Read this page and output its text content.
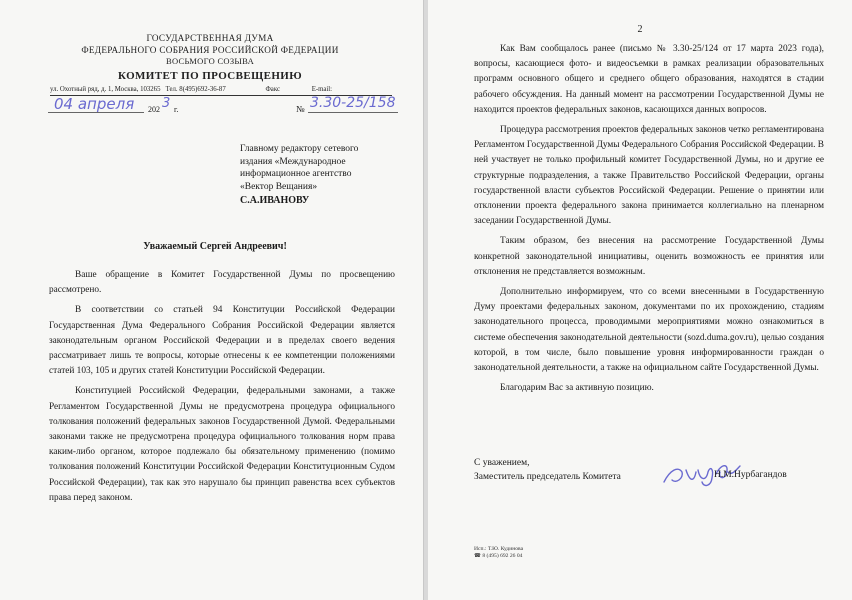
ГОСУДАРСТВЕННАЯ ДУМА
ФЕДЕРАЛЬНОГО СОБРАНИЯ РОССИЙСКОЙ ФЕДЕРАЦИИ
ВОСЬМОГО СОЗЫВА
КОМИТЕТ ПО ПРОСВЕЩЕНИЮ
ул. Охотный ряд, д. 1, Москва, 103265 Тел. 8(495)692-36-87	Факс	E-mail:
04 апреля 202 3 г.	№ 3.30-25/158
Главному редактору сетевого
издания «Международное
информационное агентство
«Вектор Вещания»
С.А.ИВАНОВУ
Уважаемый Сергей Андреевич!

Ваше обращение в Комитет Государственной Думы по просвещению рассмотрено.

В соответствии со статьей 94 Конституции Российской Федерации Государственная Дума Федерального Собрания Российской Федерации является законодательным органом Российской Федерации и в пределах своего ведения рассматривает лишь те вопросы, которые отнесены к ее компетенции положениями статей 103, 105 и других статей Конституции Российской Федерации.

Конституцией Российской Федерации, федеральными законами, а также Регламентом Государственной Думы не предусмотрена процедура официального толкования положений федеральных законов Государственной Думой. Федеральными законами также не предусмотрена процедура официального толкования норм права каким-либо органом, которое подлежало бы обязательному применению (помимо толкования положений Конституции Российской Федерации Конституционным Судом Российской Федерации), так как это нарушало бы принцип равенства всех субъектов права перед законом.

2

Как Вам сообщалось ранее (письмо № 3.30-25/124 от 17 марта 2023 года), вопросы, касающиеся фото- и видеосъемки в рамках реализации образовательных программ основного общего и среднего общего образования, находятся в стадии рабочего обсуждения. На данный момент на рассмотрении Государственной Думы не находится проектов федеральных законов, касающихся данных вопросов.

Процедура рассмотрения проектов федеральных законов четко регламентирована Регламентом Государственной Думы Федерального Собрания Российской Федерации. В ней участвует не только профильный комитет Государственной Думы, но и другие ее структурные подразделения, а также Правительство Российской Федерации, органы государственной власти субъектов Российской Федерации. Решение о принятии или отклонении проекта федерального закона принимается коллегиально на пленарном заседании Государственной Думы.

Таким образом, без внесения на рассмотрение Государственной Думы конкретной законодательной инициативы, оценить возможность ее принятия или отклонения не представляется возможным.

Дополнительно информируем, что со всеми внесенными в Государственную Думу проектами федеральных законом, документами по их прохождению, стадиям законодательного процесса, проводимыми мероприятиями можно ознакомиться в системе обеспечения законодательной деятельности (sozd.duma.gov.ru), целью создания которой, в том числе, было повышение уровня информированности граждан о законодательной деятельности, а также на официальном сайте Государственной Думы.

Благодарим Вас за активную позицию.

С уважением,
Заместитель председатель Комитета	Н.М.Нурбагандов
Исп.: Т.Ю. Кудинова
☎ 8 (495) 692 26 04
